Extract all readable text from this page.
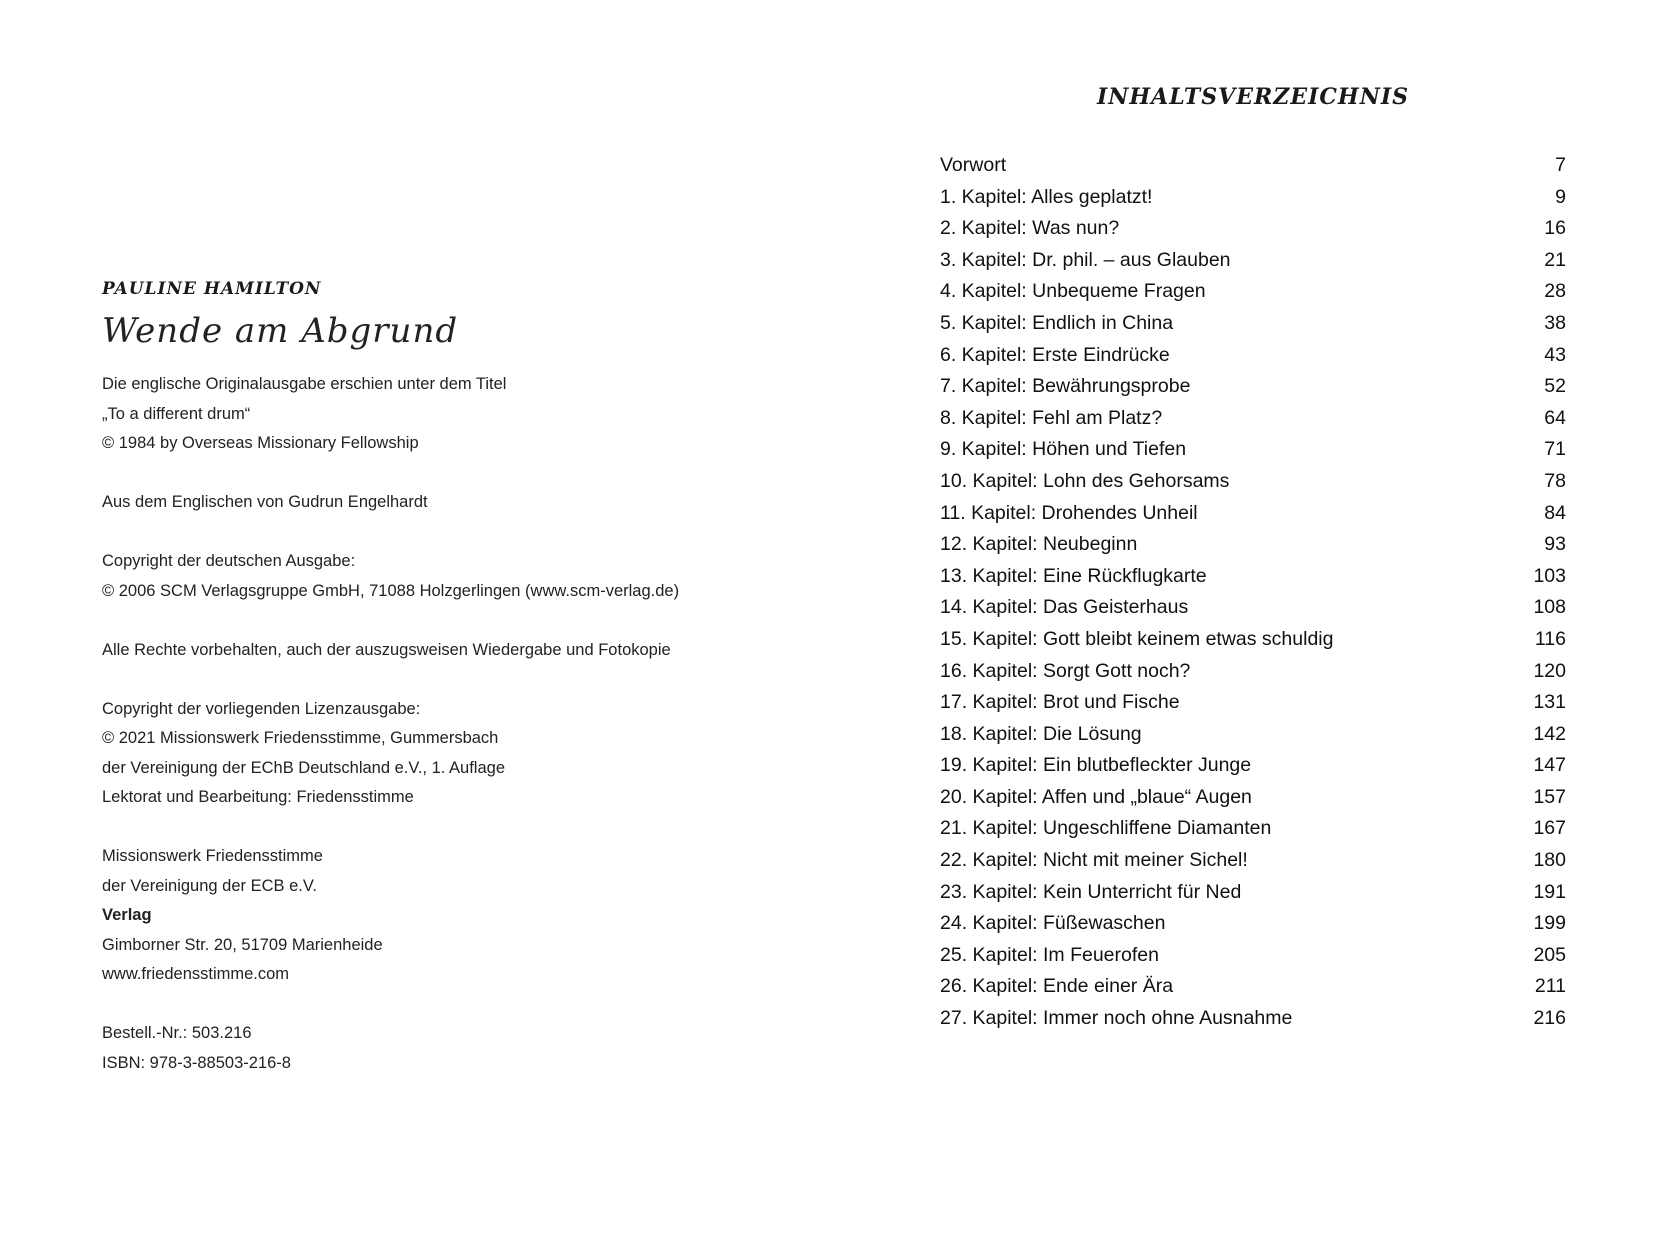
PAULINE HAMILTON
Wende am Abgrund
Die englische Originalausgabe erschien unter dem Titel
„To a different drum“
© 1984 by Overseas Missionary Fellowship
Aus dem Englischen von Gudrun Engelhardt
Copyright der deutschen Ausgabe:
© 2006 SCM Verlagsgruppe GmbH, 71088 Holzgerlingen (www.scm-verlag.de)
Alle Rechte vorbehalten, auch der auszugsweisen Wiedergabe und Fotokopie
Copyright der vorliegenden Lizenzausgabe:
© 2021 Missionswerk Friedensstimme, Gummersbach
der Vereinigung der EChB Deutschland e.V., 1. Auflage
Lektorat und Bearbeitung: Friedensstimme
Missionswerk Friedensstimme
der Vereinigung der ECB e.V.
Verlag
Gimborner Str. 20, 51709 Marienheide
www.friedensstimme.com
Bestell.-Nr.: 503.216
ISBN: 978-3-88503-216-8
INHALTSVERZEICHNIS
Vorwort	7
1. Kapitel: Alles geplatzt!	9
2. Kapitel: Was nun?	16
3. Kapitel: Dr. phil. – aus Glauben	21
4. Kapitel: Unbequeme Fragen	28
5. Kapitel: Endlich in China	38
6. Kapitel: Erste Eindrücke	43
7. Kapitel: Bewährungsprobe	52
8. Kapitel: Fehl am Platz?	64
9. Kapitel: Höhen und Tiefen	71
10. Kapitel: Lohn des Gehorsams	78
11. Kapitel: Drohendes Unheil	84
12. Kapitel: Neubeginn	93
13. Kapitel: Eine Rückflugkarte	103
14. Kapitel: Das Geisterhaus	108
15. Kapitel: Gott bleibt keinem etwas schuldig	116
16. Kapitel: Sorgt Gott noch?	120
17. Kapitel: Brot und Fische	131
18. Kapitel: Die Lösung	142
19. Kapitel: Ein blutbefleckter Junge	147
20. Kapitel: Affen und „blaue“ Augen	157
21. Kapitel: Ungeschliffene Diamanten	167
22. Kapitel: Nicht mit meiner Sichel!	180
23. Kapitel: Kein Unterricht für Ned	191
24. Kapitel: Füßewaschen	199
25. Kapitel: Im Feuerofen	205
26. Kapitel: Ende einer Ära	211
27. Kapitel: Immer noch ohne Ausnahme	216
